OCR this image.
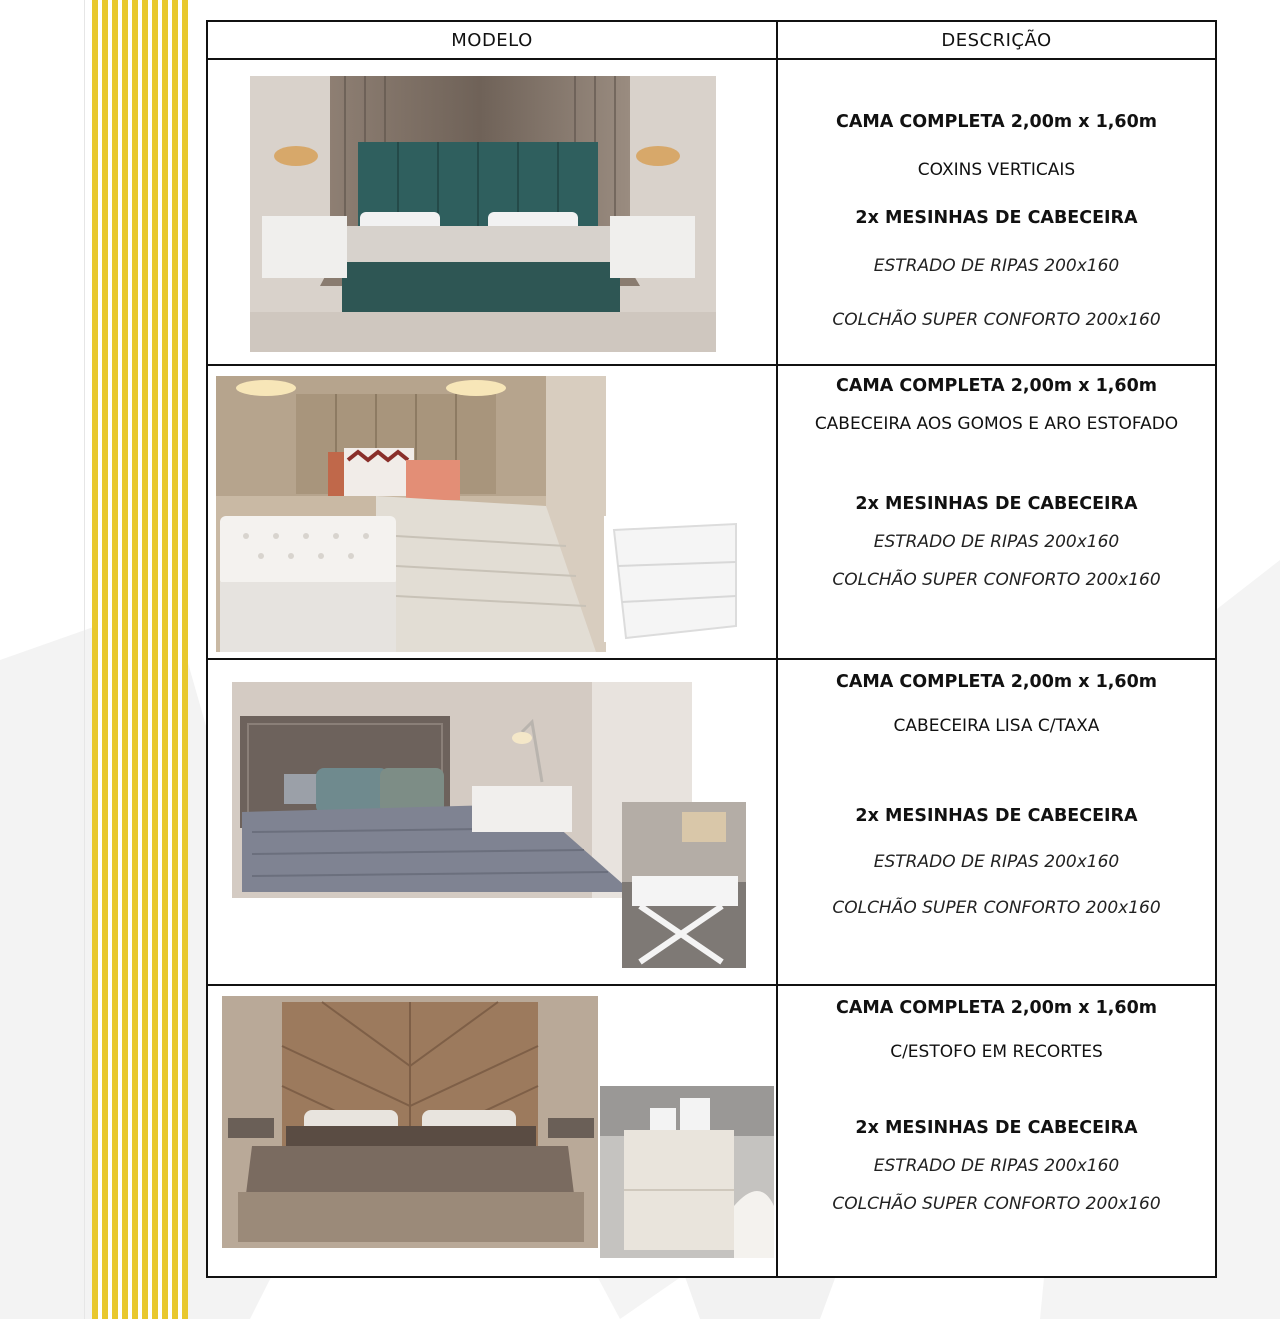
MODELO	DESCRIÇÃO

CAMA COMPLETA 2,00m x 1,60m
COXINS VERTICAIS
2x MESINHAS DE CABECEIRA
ESTRADO DE RIPAS 200x160
COLCHÃO SUPER CONFORTO 200x160

CAMA COMPLETA 2,00m x 1,60m
CABECEIRA AOS GOMOS E ARO ESTOFADO
2x MESINHAS DE CABECEIRA
ESTRADO DE RIPAS 200x160
COLCHÃO SUPER CONFORTO 200x160

CAMA COMPLETA 2,00m x 1,60m
CABECEIRA LISA C/TAXA
2x MESINHAS DE CABECEIRA
ESTRADO DE RIPAS 200x160
COLCHÃO SUPER CONFORTO 200x160

CAMA COMPLETA 2,00m x 1,60m
C/ESTOFO EM RECORTES
2x MESINHAS DE CABECEIRA
ESTRADO DE RIPAS 200x160
COLCHÃO SUPER CONFORTO 200x160
